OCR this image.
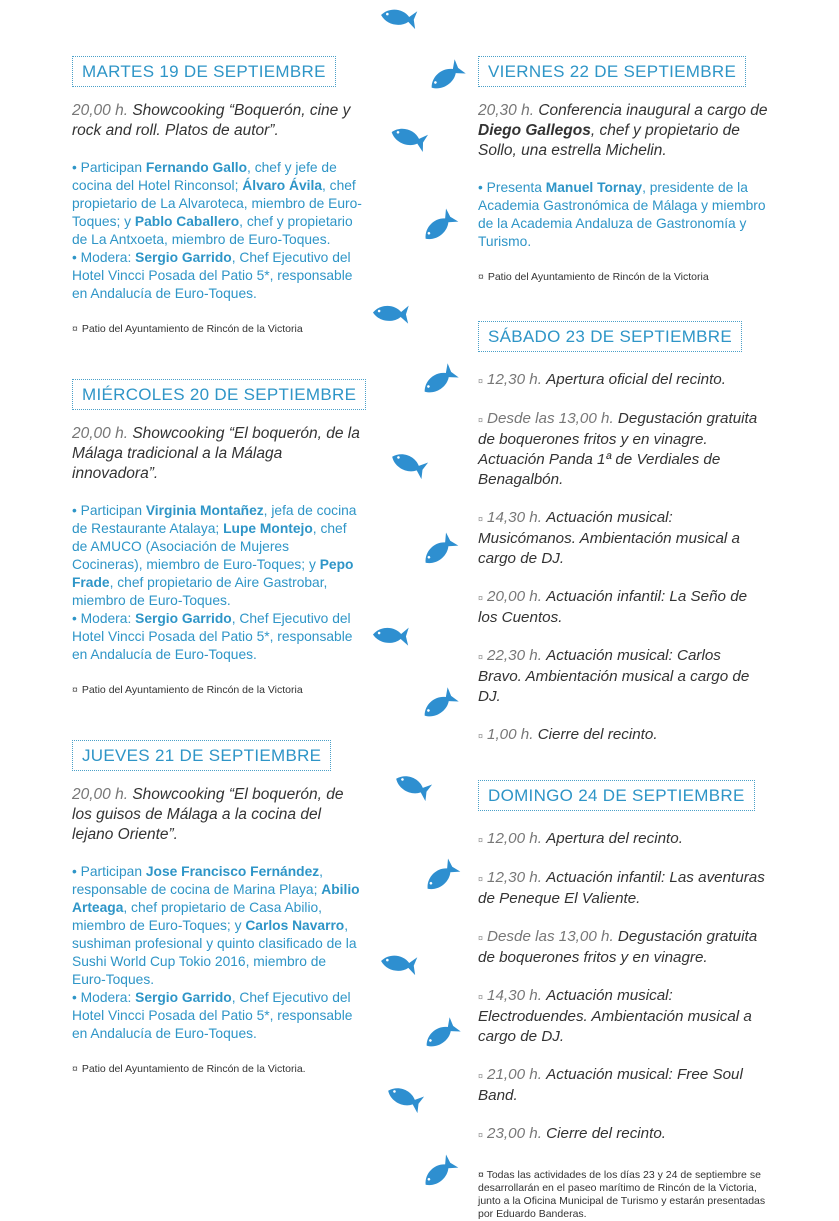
MARTES 19 DE SEPTIEMBRE
20,00 h. Showcooking “Boquerón, cine y rock and roll. Platos de autor”.
• Participan Fernando Gallo, chef y jefe de cocina del Hotel Rinconsol; Álvaro Ávila, chef propietario de La Alvaroteca, miembro de Euro-Toques; y Pablo Caballero, chef y propietario de La Antxoeta, miembro de Euro-Toques.
• Modera: Sergio Garrido, Chef Ejecutivo del Hotel Vincci Posada del Patio 5*, responsable en Andalucía de Euro-Toques.
¤ Patio del Ayuntamiento de Rincón de la Victoria
MIÉRCOLES 20 DE SEPTIEMBRE
20,00 h. Showcooking “El boquerón, de la Málaga tradicional a la Málaga innovadora”.
• Participan Virginia Montañez, jefa de cocina de Restaurante Atalaya; Lupe Montejo, chef de AMUCO (Asociación de Mujeres Cocineras), miembro de Euro-Toques; y Pepo Frade, chef propietario de Aire Gastrobar, miembro de Euro-Toques.
• Modera: Sergio Garrido, Chef Ejecutivo del Hotel Vincci Posada del Patio 5*, responsable en Andalucía de Euro-Toques.
¤ Patio del Ayuntamiento de Rincón de la Victoria
JUEVES 21 DE SEPTIEMBRE
20,00 h. Showcooking “El boquerón, de los guisos de Málaga a la cocina del lejano Oriente”.
• Participan Jose Francisco Fernández, responsable de cocina de Marina Playa; Abilio Arteaga, chef propietario de Casa Abilio, miembro de Euro-Toques; y Carlos Navarro, sushiman profesional y quinto clasificado de la Sushi World Cup Tokio 2016, miembro de Euro-Toques.
• Modera: Sergio Garrido, Chef Ejecutivo del Hotel Vincci Posada del Patio 5*, responsable en Andalucía de Euro-Toques.
¤ Patio del Ayuntamiento de Rincón de la Victoria.
VIERNES 22 DE SEPTIEMBRE
20,30 h. Conferencia inaugural a cargo de Diego Gallegos, chef y propietario de Sollo, una estrella Michelin.
• Presenta Manuel Tornay, presidente de la Academia Gastronómica de Málaga y miembro de la Academia Andaluza de Gastronomía y Turismo.
¤ Patio del Ayuntamiento de Rincón de la Victoria
SÁBADO 23 DE SEPTIEMBRE
¤ 12,30 h. Apertura oficial del recinto.
¤ Desde las 13,00 h. Degustación gratuita de boquerones fritos y en vinagre. Actuación Panda 1ª de Verdiales de Benagalbón.
¤ 14,30 h. Actuación musical: Musicómanos. Ambientación musical a cargo de DJ.
¤ 20,00 h. Actuación infantil: La Seño de los Cuentos.
¤ 22,30 h. Actuación musical: Carlos Bravo. Ambientación musical a cargo de DJ.
¤ 1,00 h. Cierre del recinto.
DOMINGO 24 DE SEPTIEMBRE
¤ 12,00 h. Apertura del recinto.
¤ 12,30 h. Actuación infantil: Las aventuras de Peneque El Valiente.
¤ Desde las 13,00 h. Degustación gratuita de boquerones fritos y en vinagre.
¤ 14,30 h. Actuación musical: Electroduendes. Ambientación musical a cargo de DJ.
¤ 21,00 h. Actuación musical: Free Soul Band.
¤ 23,00 h. Cierre del recinto.
¤ Todas las actividades de los días 23 y 24 de septiembre se desarrollarán en el paseo marítimo de Rincón de la Victoria, junto a la Oficina Municipal de Turismo y estarán presentadas por Eduardo Banderas.
